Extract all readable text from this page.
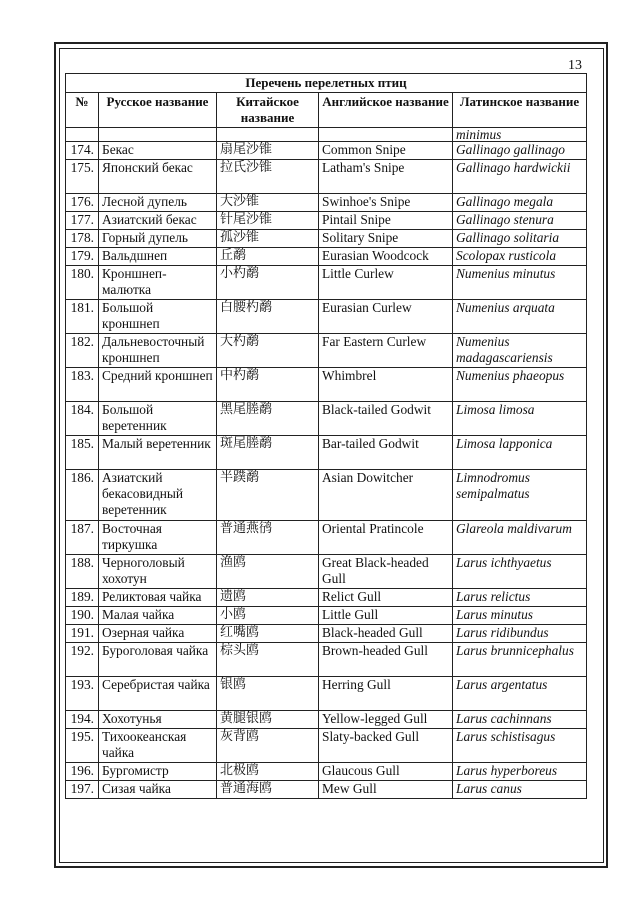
13
Перечень перелетных птиц				
№	Русское название	Китайское название	Английское название	Латинское название
				minimus
174.	Бекас	扇尾沙锥	Common Snipe	Gallinago gallinago
175.	Японский бекас	拉氏沙锥	Latham's Snipe	Gallinago hardwickii
176.	Лесной дупель	大沙锥	Swinhoe's Snipe	Gallinago megala
177.	Азиатский бекас	针尾沙锥	Pintail Snipe	Gallinago stenura
178.	Горный дупель	孤沙锥	Solitary Snipe	Gallinago solitaria
179.	Вальдшнеп	丘鹬	Eurasian Woodcock	Scolopax rusticola
180.	Кроншнеп-малютка	小杓鹬	Little Curlew	Numenius minutus
181.	Большой кроншнеп	白腰杓鹬	Eurasian Curlew	Numenius arquata
182.	Дальневосточный кроншнеп	大杓鹬	Far Eastern Curlew	Numenius madagascariensis
183.	Средний кроншнеп	中杓鹬	Whimbrel	Numenius phaeopus
184.	Большой веретенник	黑尾塍鹬	Black-tailed Godwit	Limosa limosa
185.	Малый веретенник	斑尾塍鹬	Bar-tailed Godwit	Limosa lapponica
186.	Азиатский бекасовидный веретенник	半蹼鹬	Asian Dowitcher	Limnodromus semipalmatus
187.	Восточная тиркушка	普通燕鸻	Oriental Pratincole	Glareola maldivarum
188.	Черноголовый хохотун	渔鸥	Great Black-headed Gull	Larus ichthyaetus
189.	Реликтовая чайка	遗鸥	Relict Gull	Larus relictus
190.	Малая чайка	小鸥	Little Gull	Larus minutus
191.	Озерная чайка	红嘴鸥	Black-headed Gull	Larus ridibundus
192.	Буроголовая чайка	棕头鸥	Brown-headed Gull	Larus brunnicephalus
193.	Серебристая чайка	银鸥	Herring Gull	Larus argentatus
194.	Хохотунья	黄腿银鸥	Yellow-legged Gull	Larus cachinnans
195.	Тихоокеанская чайка	灰背鸥	Slaty-backed Gull	Larus schistisagus
196.	Бургомистр	北极鸥	Glaucous Gull	Larus hyperboreus
197.	Сизая чайка	普通海鸥	Mew Gull	Larus canus
